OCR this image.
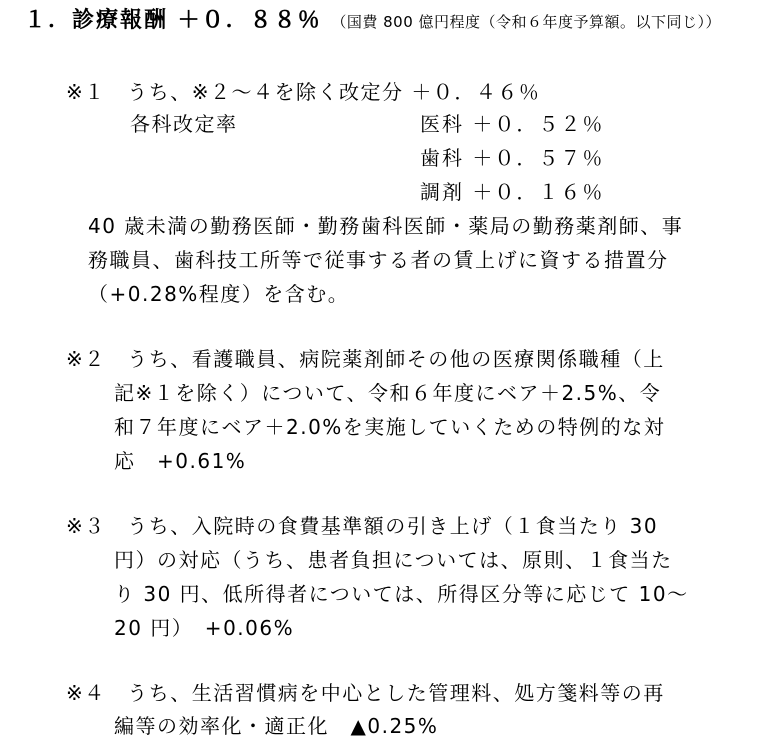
１．診療報酬 ＋０．８８％ （国費 800 億円程度（令和６年度予算額。以下同じ））
※１　うち、※２～４を除く改定分 ＋０．４６％
各科改定率	医科 ＋０．５２％
歯科 ＋０．５７％
調剤 ＋０．１６％
40 歳未満の勤務医師・勤務歯科医師・薬局の勤務薬剤師、事
務職員、歯科技工所等で従事する者の賃上げに資する措置分
（+0.28%程度）を含む。
※２　うち、看護職員、病院薬剤師その他の医療関係職種（上
記※１を除く）について、令和６年度にベア＋2.5%、令
和７年度にベア＋2.0%を実施していくための特例的な対
応　+0.61%
※３　うち、入院時の食費基準額の引き上げ（１食当たり 30
円）の対応（うち、患者負担については、原則、１食当た
り 30 円、低所得者については、所得区分等に応じて 10～
20 円）　+0.06%
※４　うち、生活習慣病を中心とした管理料、処方箋料等の再
編等の効率化・適正化　▲0.25%
